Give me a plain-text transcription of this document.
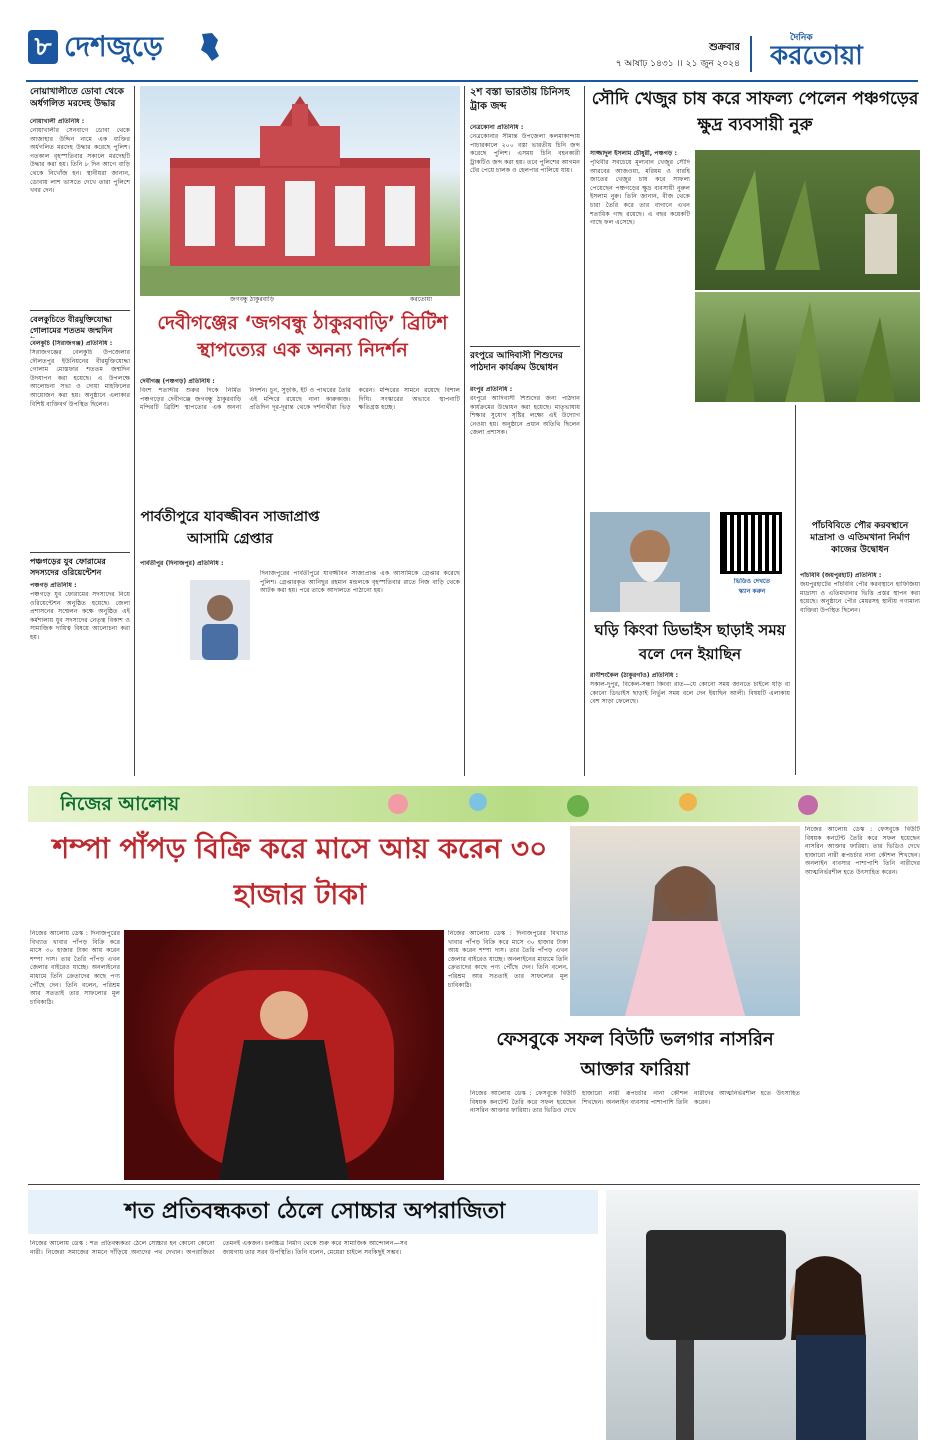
৮ দেশজুড়ে	শুক্রবার
৭ আষাঢ় ১৪৩১ ।। ২১ জুন ২০২৪
দৈনিক
করতোয়া
নোয়াখালীতে ডোবা থেকে অর্ধগলিত মরদেহ উদ্ধার
নোয়াখালী প্রতিনিধি :
নোয়াখালীর সেনবাগে ডোবা থেকে আজাহার উদ্দিন নামে এক ব্যক্তির অর্ধগলিত মরদেহ উদ্ধার করেছে পুলিশ। গতকাল বৃহস্পতিবার সকালে মরদেহটি উদ্ধার করা হয়। তিনি ৮ দিন আগে বাড়ি থেকে নিখোঁজ হন। স্থানীয়রা জানান, ডোবায় লাশ ভাসতে দেখে তারা পুলিশে খবর দেন।
বেলকুচিতে বীরমুক্তিযোদ্ধা গোলামের শততম জন্মদিন
বেলকুচি (সিরাজগঞ্জ) প্রতিনিধি :
সিরাজগঞ্জের বেলকুচি উপজেলার দৌলতপুর ইউনিয়নের বীরমুক্তিযোদ্ধা গোলাম মোস্তফার শততম জন্মদিন উদযাপন করা হয়েছে। এ উপলক্ষে আলোচনা সভা ও দোয়া মাহফিলের আয়োজন করা হয়। অনুষ্ঠানে এলাকার বিশিষ্ট ব্যক্তিবর্গ উপস্থিত ছিলেন।
পঞ্চগড়ের যুব ফোরামের সদস্যদের ওরিয়েন্টেশন
পঞ্চগড় প্রতিনিধি :
পঞ্চগড়ে যুব ফোরামের সদস্যদের নিয়ে ওরিয়েন্টেশন অনুষ্ঠিত হয়েছে। জেলা প্রশাসনের সম্মেলন কক্ষে অনুষ্ঠিত এই কর্মশালায় যুব সদস্যদের নেতৃত্ব বিকাশ ও সামাজিক দায়িত্ব বিষয়ে আলোচনা করা হয়।
জগবন্ধু ঠাকুরবাড়ি	করতোয়া
দেবীগঞ্জের ‘জগবন্ধু ঠাকুরবাড়ি’ ব্রিটিশ স্থাপত্যের এক অনন্য নিদর্শন
দেবীগঞ্জ (পঞ্চগড়) প্রতিনিধি :
বিংশ শতাব্দীর শুরুর দিকে নির্মিত পঞ্চগড়ের দেবীগঞ্জে জগবন্ধু ঠাকুরবাড়ি মন্দিরটি ব্রিটিশ স্থাপত্যের এক অনন্য নিদর্শন। চুন, সুড়কি, ইট ও পাথরের তৈরি এই মন্দিরে রয়েছে নানা কারুকাজ। প্রতিদিন দূর-দূরান্ত থেকে দর্শনার্থীরা ভিড় করেন। মন্দিরের সামনে রয়েছে বিশাল দিঘি। সংস্কারের অভাবে স্থাপনাটি ক্ষতিগ্রস্ত হচ্ছে।
পার্বতীপুরে যাবজ্জীবন সাজাপ্রাপ্ত আসামি গ্রেপ্তার
পার্বতীপুর (দিনাজপুর) প্রতিনিধি :
দিনাজপুরের পার্বতীপুরে যাবজ্জীবন সাজাপ্রাপ্ত এক আসামিকে গ্রেপ্তার করেছে পুলিশ। গ্রেপ্তারকৃত আনিছুর রহমান মন্ডলকে বৃহস্পতিবার রাতে নিজ বাড়ি থেকে আটক করা হয়। পরে তাকে আদালতে পাঠানো হয়।
২শ বস্তা ভারতীয় চিনিসহ ট্রাক জব্দ
নেত্রকোনা প্রতিনিধি :
নেত্রকোনার সীমান্ত উপজেলা কলমাকান্দায় পাচারকালে ২০০ বস্তা ভারতীয় চিনি জব্দ করেছে পুলিশ। এসময় চিনি বহনকারী ট্রাকটিও জব্দ করা হয়। তবে পুলিশের আগমন টের পেয়ে চালক ও হেলপার পালিয়ে যায়।
রংপুরে আদিবাসী শিশুদের পাঠদান কার্যক্রম উদ্বোধন
রংপুর প্রতিনিধি :
রংপুরে আদিবাসী শিশুদের জন্য পাঠদান কার্যক্রমের উদ্বোধন করা হয়েছে। মাতৃভাষায় শিক্ষার সুযোগ সৃষ্টির লক্ষ্যে এই উদ্যোগ নেওয়া হয়। অনুষ্ঠানে প্রধান অতিথি ছিলেন জেলা প্রশাসক।
সৌদি খেজুর চাষ করে সাফল্য পেলেন পঞ্চগড়ের ক্ষুদ্র ব্যবসায়ী নুরু
সাজ্জাদুল ইসলাম চৌধুরী, পঞ্চগড় :
পৃথিবীর সবচেয়ে মূল্যবান খেজুর সৌদি আরবের আজওয়া, মরিয়ম ও বারহি জাতের খেজুর চাষ করে সাফল্য পেয়েছেন পঞ্চগড়ের ক্ষুদ্র ব্যবসায়ী নুরুল ইসলাম নুরু। তিনি জানান, বীজ থেকে চারা তৈরি করে তার বাগানে এখন শতাধিক গাছ রয়েছে। এ বছর কয়েকটি গাছে ফল এসেছে।
ভিডিও দেখতে
স্ক্যান করুন
ঘড়ি কিংবা ডিভাইস ছাড়াই সময় বলে দেন ইয়াছিন
রাণীশংকৈল (ঠাকুরগাঁও) প্রতিনিধি :
সকাল-দুপুর, বিকেল-সন্ধ্যা কিংবা রাত—যে কোনো সময় জানতে চাইলে ঘড়ি বা কোনো ডিভাইস ছাড়াই নির্ভুল সময় বলে দেন ইয়াছিন আলী। বিষয়টি এলাকায় বেশ সাড়া ফেলেছে।
পাঁচবিবিতে পৌর করবস্থানে মাদ্রাসা ও এতিমখানা নির্মাণ কাজের উদ্বোধন
পাঁচবিবি (জয়পুরহাট) প্রতিনিধি :
জয়পুরহাটের পাঁচবিবি পৌর করবস্থানে হাফিজিয়া মাদ্রাসা ও এতিমখানার ভিত্তি প্রস্তর স্থাপন করা হয়েছে। অনুষ্ঠানে পৌর মেয়রসহ স্থানীয় গণ্যমান্য ব্যক্তিরা উপস্থিত ছিলেন।
নিজের আলোয়
শম্পা পাঁপড় বিক্রি করে মাসে আয় করেন ৩০ হাজার টাকা
নিজের আলোয় ডেস্ক : দিনাজপুরের বিখ্যাত খাবার পাঁপড় বিক্রি করে মাসে ৩০ হাজার টাকা আয় করেন শম্পা দাস। তার তৈরি পাঁপড় এখন জেলার বাইরেও যাচ্ছে। অনলাইনের মাধ্যমে তিনি ক্রেতাদের কাছে পণ্য পৌঁছে দেন। তিনি বলেন, পরিশ্রম আর সততাই তার সাফল্যের মূল চাবিকাঠি।
নিজের আলোয় ডেস্ক : দিনাজপুরের বিখ্যাত খাবার পাঁপড় বিক্রি করে মাসে ৩০ হাজার টাকা আয় করেন শম্পা দাস। তার তৈরি পাঁপড় এখন জেলার বাইরেও যাচ্ছে। অনলাইনের মাধ্যমে তিনি ক্রেতাদের কাছে পণ্য পৌঁছে দেন। তিনি বলেন, পরিশ্রম আর সততাই তার সাফল্যের মূল চাবিকাঠি।
নিজের আলোয় ডেস্ক : ফেসবুকে বিউটি বিষয়ক কনটেন্ট তৈরি করে সফল হয়েছেন নাসরিন আক্তার ফারিয়া। তার ভিডিও দেখে হাজারো নারী রূপচর্চার নানা কৌশল শিখছেন। অনলাইন ব্যবসার পাশাপাশি তিনি নারীদের আত্মনির্ভরশীল হতে উৎসাহিত করেন।
ফেসবুকে সফল বিউটি ভলগার নাসরিন আক্তার ফারিয়া
নিজের আলোয় ডেস্ক : ফেসবুকে বিউটি বিষয়ক কনটেন্ট তৈরি করে সফল হয়েছেন নাসরিন আক্তার ফারিয়া। তার ভিডিও দেখে হাজারো নারী রূপচর্চার নানা কৌশল শিখছেন। অনলাইন ব্যবসার পাশাপাশি তিনি নারীদের আত্মনির্ভরশীল হতে উৎসাহিত করেন।
শত প্রতিবন্ধকতা ঠেলে সোচ্চার অপরাজিতা
নিজের আলোয় ডেস্ক : শত প্রতিবন্ধকতা ঠেলে সোচ্চার হন কোনো কোনো নারী। নিজেরা সমাজের সামনে দাঁড়িয়ে অন্যদের পথ দেখান। অপরাজিতা তেমনই একজন। চলচ্চিত্র নির্মাণ থেকে শুরু করে সামাজিক আন্দোলন—সব জায়গায় তার সরব উপস্থিতি। তিনি বলেন, মেয়েরা চাইলে সবকিছুই সম্ভব।
